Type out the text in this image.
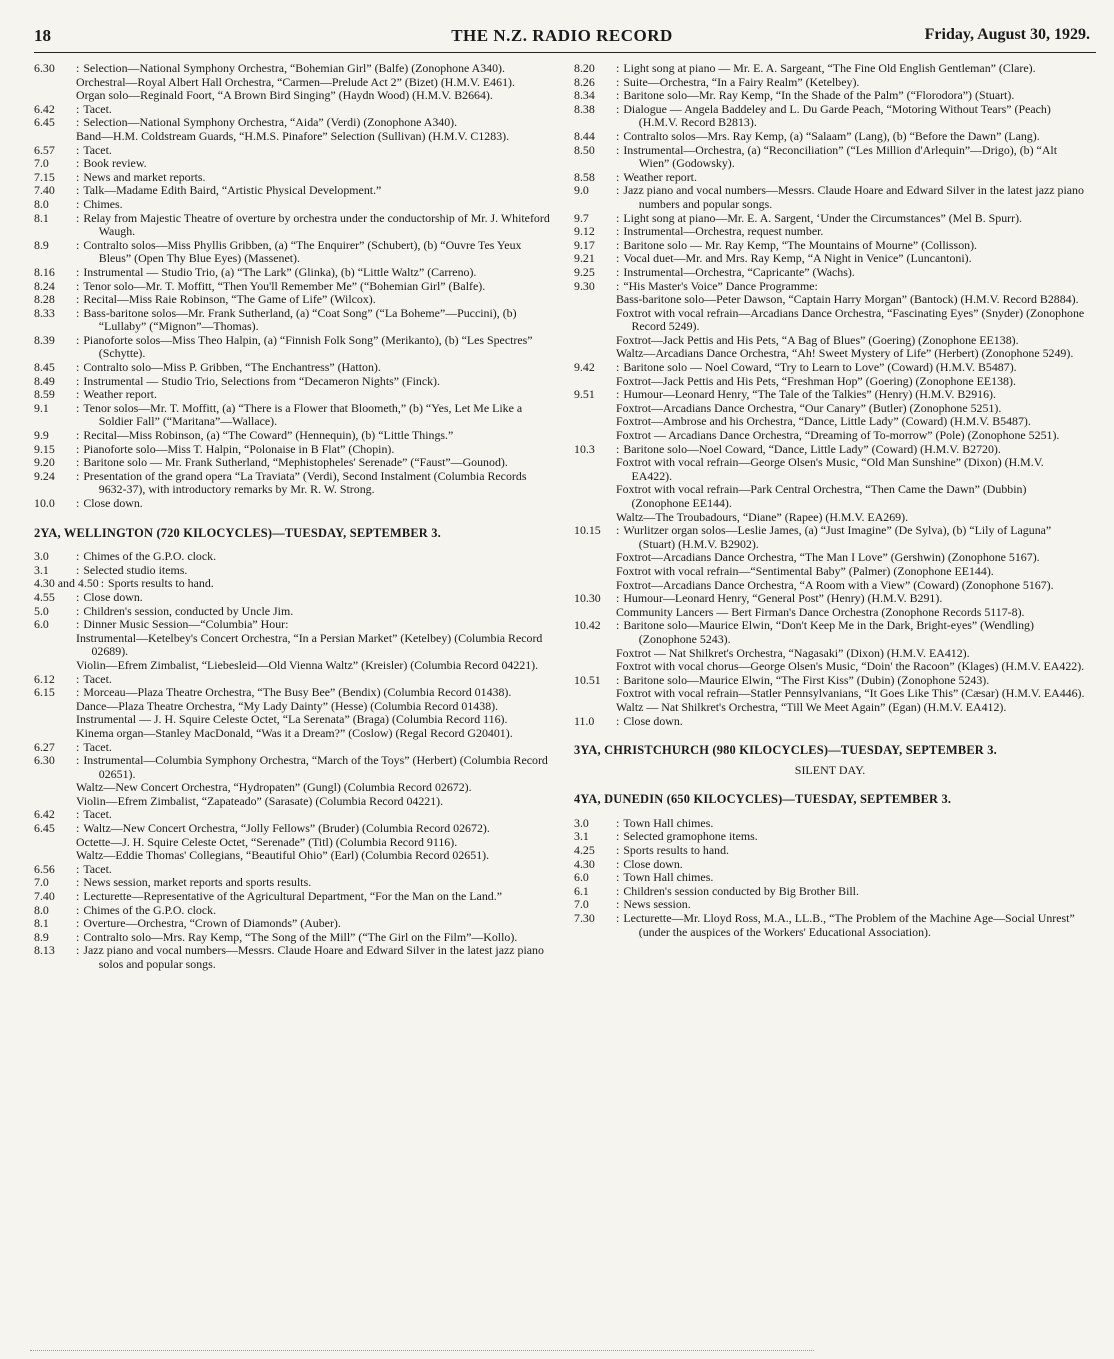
18	THE N.Z. RADIO RECORD	Friday, August 30, 1929.
6.30	: Selection—National Symphony Orchestra, “Bohemian Girl” (Balfe) (Zonophone A340).
Orchestral—Royal Albert Hall Orchestra, “Carmen—Prelude Act 2” (Bizet) (H.M.V. E461).
Organ solo—Reginald Foort, “A Brown Bird Singing” (Haydn Wood) (H.M.V. B2664).
6.42	: Tacet.
6.45	: Selection—National Symphony Orchestra, “Aida” (Verdi) (Zonophone A340).
Band—H.M. Coldstream Guards, “H.M.S. Pinafore” Selection (Sullivan) (H.M.V. C1283).
6.57	: Tacet.
7.0	: Book review.
7.15	: News and market reports.
7.40	: Talk—Madame Edith Baird, “Artistic Physical Development.”
8.0	: Chimes.
8.1	: Relay from Majestic Theatre of overture by orchestra under the conductorship of Mr. J. Whiteford Waugh.
8.9	: Contralto solos—Miss Phyllis Gribben, (a) “The Enquirer” (Schubert), (b) “Ouvre Tes Yeux Bleus” (Open Thy Blue Eyes) (Massenet).
8.16	: Instrumental — Studio Trio, (a) “The Lark” (Glinka), (b) “Little Waltz” (Carreno).
8.24	: Tenor solo—Mr. T. Moffitt, “Then You'll Remember Me” (“Bohemian Girl” (Balfe).
8.28	: Recital—Miss Raie Robinson, “The Game of Life” (Wilcox).
8.33	: Bass-baritone solos—Mr. Frank Sutherland, (a) “Coat Song” (“La Boheme”—Puccini), (b) “Lullaby” (“Mignon”—Thomas).
8.39	: Pianoforte solos—Miss Theo Halpin, (a) “Finnish Folk Song” (Merikanto), (b) “Les Spectres” (Schytte).
8.45	: Contralto solo—Miss P. Gribben, “The Enchantress” (Hatton).
8.49	: Instrumental — Studio Trio, Selections from “Decameron Nights” (Finck).
8.59	: Weather report.
9.1	: Tenor solos—Mr. T. Moffitt, (a) “There is a Flower that Bloometh,” (b) “Yes, Let Me Like a Soldier Fall” (“Maritana”—Wallace).
9.9	: Recital—Miss Robinson, (a) “The Coward” (Hennequin), (b) “Little Things.”
9.15	: Pianoforte solo—Miss T. Halpin, “Polonaise in B Flat” (Chopin).
9.20	: Baritone solo — Mr. Frank Sutherland, “Mephistopheles' Serenade” (“Faust”—Gounod).
9.24	: Presentation of the grand opera “La Traviata” (Verdi), Second Instalment (Columbia Records 9632-37), with introductory remarks by Mr. R. W. Strong.
10.0	: Close down.
2YA, WELLINGTON (720 KILOCYCLES)—TUESDAY, SEPTEMBER 3.
3.0	: Chimes of the G.P.O. clock.
3.1	: Selected studio items.
4.30 and 4.50 : Sports results to hand.
4.55	: Close down.
5.0	: Children's session, conducted by Uncle Jim.
6.0	: Dinner Music Session—“Columbia” Hour:
Instrumental—Ketelbey's Concert Orchestra, “In a Persian Market” (Ketelbey) (Columbia Record 02689).
Violin—Efrem Zimbalist, “Liebesleid—Old Vienna Waltz” (Kreisler) (Columbia Record 04221).
6.12	: Tacet.
6.15	: Morceau—Plaza Theatre Orchestra, “The Busy Bee” (Bendix) (Columbia Record 01438).
Dance—Plaza Theatre Orchestra, “My Lady Dainty” (Hesse) (Columbia Record 01438).
Instrumental — J. H. Squire Celeste Octet, “La Serenata” (Braga) (Columbia Record 116).
Kinema organ—Stanley MacDonald, “Was it a Dream?” (Coslow) (Regal Record G20401).
6.27	: Tacet.
6.30	: Instrumental—Columbia Symphony Orchestra, “March of the Toys” (Herbert) (Columbia Record 02651).
Waltz—New Concert Orchestra, “Hydropaten” (Gungl) (Columbia Record 02672).
Violin—Efrem Zimbalist, “Zapateado” (Sarasate) (Columbia Record 04221).
6.42	: Tacet.
6.45	: Waltz—New Concert Orchestra, “Jolly Fellows” (Bruder) (Columbia Record 02672).
Octette—J. H. Squire Celeste Octet, “Serenade” (Titl) (Columbia Record 9116).
Waltz—Eddie Thomas' Collegians, “Beautiful Ohio” (Earl) (Columbia Record 02651).
6.56	: Tacet.
7.0	: News session, market reports and sports results.
7.40	: Lecturette—Representative of the Agricultural Department, “For the Man on the Land.”
8.0	: Chimes of the G.P.O. clock.
8.1	: Overture—Orchestra, “Crown of Diamonds” (Auber).
8.9	: Contralto solo—Mrs. Ray Kemp, “The Song of the Mill” (“The Girl on the Film”—Kollo).
8.13	: Jazz piano and vocal numbers—Messrs. Claude Hoare and Edward Silver in the latest jazz piano solos and popular songs.
8.20	: Light song at piano — Mr. E. A. Sargeant, “The Fine Old English Gentleman” (Clare).
8.26	: Suite—Orchestra, “In a Fairy Realm” (Ketelbey).
8.34	: Baritone solo—Mr. Ray Kemp, “In the Shade of the Palm” (“Florodora”) (Stuart).
8.38	: Dialogue — Angela Baddeley and L. Du Garde Peach, “Motoring Without Tears” (Peach) (H.M.V. Record B2813).
8.44	: Contralto solos—Mrs. Ray Kemp, (a) “Salaam” (Lang), (b) “Before the Dawn” (Lang).
8.50	: Instrumental—Orchestra, (a) “Reconciliation” (“Les Million d'Arlequin”—Drigo), (b) “Alt Wien” (Godowsky).
8.58	: Weather report.
9.0	: Jazz piano and vocal numbers—Messrs. Claude Hoare and Edward Silver in the latest jazz piano numbers and popular songs.
9.7	: Light song at piano—Mr. E. A. Sargent, ‘Under the Circumstances” (Mel B. Spurr).
9.12	: Instrumental—Orchestra, request number.
9.17	: Baritone solo — Mr. Ray Kemp, “The Mountains of Mourne” (Collisson).
9.21	: Vocal duet—Mr. and Mrs. Ray Kemp, “A Night in Venice” (Luncantoni).
9.25	: Instrumental—Orchestra, “Capricante” (Wachs).
9.30	: “His Master's Voice” Dance Programme:
Bass-baritone solo—Peter Dawson, “Captain Harry Morgan” (Bantock) (H.M.V. Record B2884).
Foxtrot with vocal refrain—Arcadians Dance Orchestra, “Fascinating Eyes” (Snyder) (Zonophone Record 5249).
Foxtrot—Jack Pettis and His Pets, “A Bag of Blues” (Goering) (Zonophone EE138).
Waltz—Arcadians Dance Orchestra, “Ah! Sweet Mystery of Life” (Herbert) (Zonophone 5249).
9.42	: Baritone solo — Noel Coward, “Try to Learn to Love” (Coward) (H.M.V. B5487).
Foxtrot—Jack Pettis and His Pets, “Freshman Hop” (Goering) (Zonophone EE138).
9.51	: Humour—Leonard Henry, “The Tale of the Talkies” (Henry) (H.M.V. B2916).
Foxtrot—Arcadians Dance Orchestra, “Our Canary” (Butler) (Zonophone 5251).
Foxtrot—Ambrose and his Orchestra, “Dance, Little Lady” (Coward) (H.M.V. B5487).
Foxtrot — Arcadians Dance Orchestra, “Dreaming of To-morrow” (Pole) (Zonophone 5251).
10.3	: Baritone solo—Noel Coward, “Dance, Little Lady” (Coward) (H.M.V. B2720).
Foxtrot with vocal refrain—George Olsen's Music, “Old Man Sunshine” (Dixon) (H.M.V. EA422).
Foxtrot with vocal refrain—Park Central Orchestra, “Then Came the Dawn” (Dubbin) (Zonophone EE144).
Waltz—The Troubadours, “Diane” (Rapee) (H.M.V. EA269).
10.15	: Wurlitzer organ solos—Leslie James, (a) “Just Imagine” (De Sylva), (b) “Lily of Laguna” (Stuart) (H.M.V. B2902).
Foxtrot—Arcadians Dance Orchestra, “The Man I Love” (Gershwin) (Zonophone 5167).
Foxtrot with vocal refrain—“Sentimental Baby” (Palmer) (Zonophone EE144).
Foxtrot—Arcadians Dance Orchestra, “A Room with a View” (Coward) (Zonophone 5167).
10.30	: Humour—Leonard Henry, “General Post” (Henry) (H.M.V. B291).
Community Lancers — Bert Firman's Dance Orchestra (Zonophone Records 5117-8).
10.42	: Baritone solo—Maurice Elwin, “Don't Keep Me in the Dark, Bright-eyes” (Wendling) (Zonophone 5243).
Foxtrot — Nat Shilkret's Orchestra, “Nagasaki” (Dixon) (H.M.V. EA412).
Foxtrot with vocal chorus—George Olsen's Music, “Doin' the Racoon” (Klages) (H.M.V. EA422).
10.51	: Baritone solo—Maurice Elwin, “The First Kiss” (Dubin) (Zonophone 5243).
Foxtrot with vocal refrain—Statler Pennsylvanians, “It Goes Like This” (Cæsar) (H.M.V. EA446).
Waltz — Nat Shilkret's Orchestra, “Till We Meet Again” (Egan) (H.M.V. EA412).
11.0	: Close down.
3YA, CHRISTCHURCH (980 KILOCYCLES)—TUESDAY, SEPTEMBER 3.
SILENT DAY.
4YA, DUNEDIN (650 KILOCYCLES)—TUESDAY, SEPTEMBER 3.
3.0	: Town Hall chimes.
3.1	: Selected gramophone items.
4.25	: Sports results to hand.
4.30	: Close down.
6.0	: Town Hall chimes.
6.1	: Children's session conducted by Big Brother Bill.
7.0	: News session.
7.30	: Lecturette—Mr. Lloyd Ross, M.A., LL.B., “The Problem of the Machine Age—Social Unrest” (under the auspices of the Workers' Educational Association).
